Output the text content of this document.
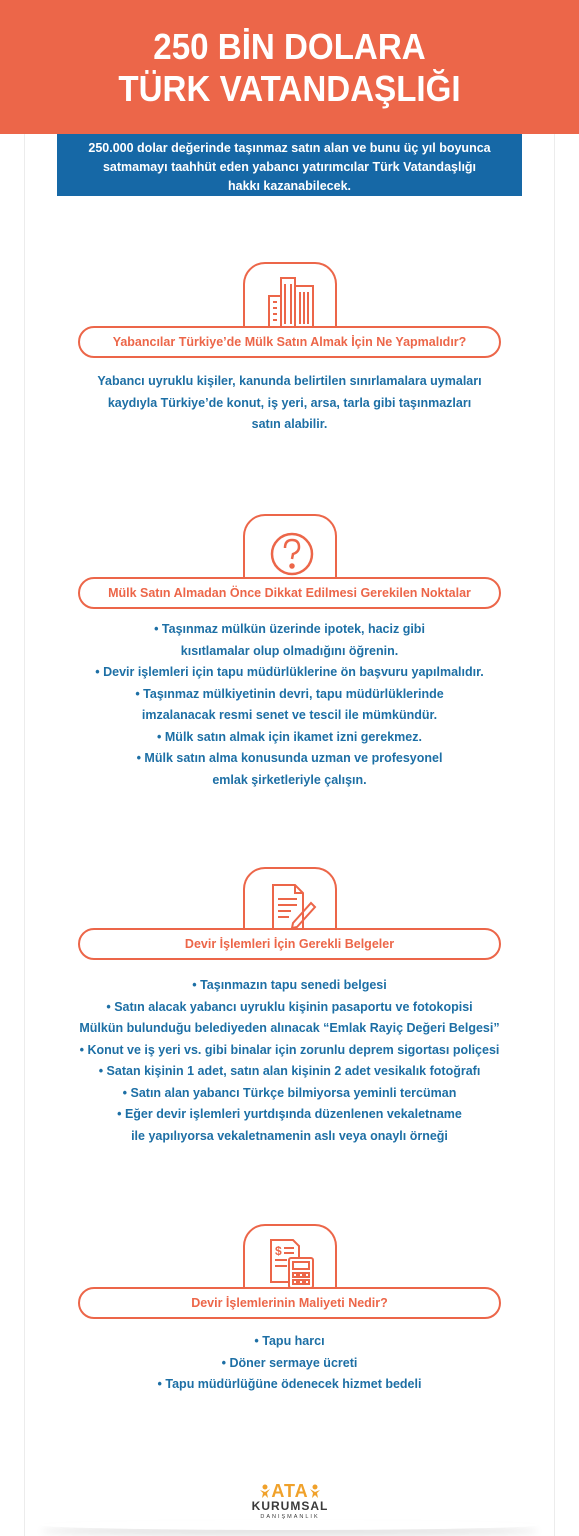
250 BİN DOLARA
TÜRK VATANDAŞLIĞI
250.000 dolar değerinde taşınmaz satın alan ve bunu üç yıl boyunca
satmamayı taahhüt eden yabancı yatırımcılar Türk Vatandaşlığı
hakkı kazanabilecek.
Yabancılar Türkiye’de Mülk Satın Almak İçin Ne Yapmalıdır?
Yabancı uyruklu kişiler, kanunda belirtilen sınırlamalara uymaları
kaydıyla Türkiye’de konut, iş yeri, arsa, tarla gibi taşınmazları
satın alabilir.
Mülk Satın Almadan Önce Dikkat Edilmesi Gerekilen Noktalar
• Taşınmaz mülkün üzerinde ipotek, haciz gibi
kısıtlamalar olup olmadığını öğrenin.
• Devir işlemleri için tapu müdürlüklerine ön başvuru yapılmalıdır.
• Taşınmaz mülkiyetinin devri, tapu müdürlüklerinde
imzalanacak resmi senet ve tescil ile mümkündür.
• Mülk satın almak için ikamet izni gerekmez.
• Mülk satın alma konusunda uzman ve profesyonel
emlak şirketleriyle çalışın.
Devir İşlemleri İçin Gerekli Belgeler
• Taşınmazın tapu senedi belgesi
• Satın alacak yabancı uyruklu kişinin pasaportu ve fotokopisi
Mülkün bulunduğu belediyeden alınacak “Emlak Rayiç Değeri Belgesi”
• Konut ve iş yeri vs. gibi binalar için zorunlu deprem sigortası poliçesi
• Satan kişinin 1 adet, satın alan kişinin 2 adet vesikalık fotoğrafı
• Satın alan yabancı Türkçe bilmiyorsa yeminli tercüman
• Eğer devir işlemleri yurtdışında düzenlenen vekaletname
ile yapılıyorsa vekaletnamenin aslı veya onaylı örneği
$
Devir İşlemlerinin Maliyeti Nedir?
• Tapu harcı
• Döner sermaye ücreti
• Tapu müdürlüğüne ödenecek hizmet bedeli
ATA
KURUMSAL
DANIŞMANLIK
